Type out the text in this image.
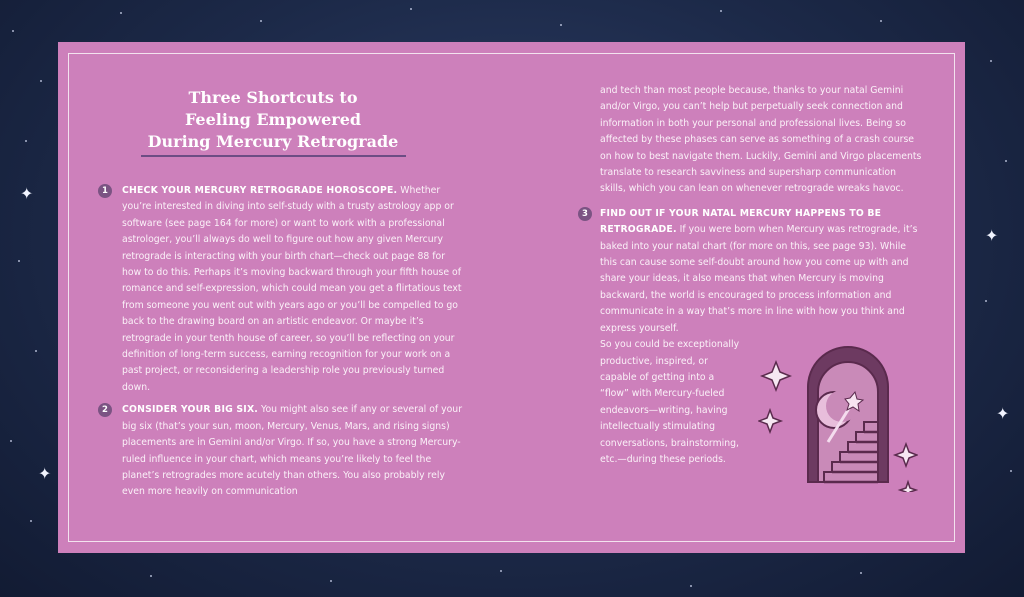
✦
✦
✦
✦
Three Shortcuts to
Feeling Empowered
During Mercury Retrograde
1	CHECK YOUR MERCURY RETROGRADE HOROSCOPE. Whether you’re interested in diving into self-study with a trusty astrology app or software (see page 164 for more) or want to work with a professional astrologer, you’ll always do well to figure out how any given Mercury retrograde is interacting with your birth chart—check out page 88 for how to do this. Perhaps it’s moving backward through your fifth house of romance and self-expression, which could mean you get a flirtatious text from someone you went out with years ago or you’ll be compelled to go back to the drawing board on an artistic endeavor. Or maybe it’s retrograde in your tenth house of career, so you’ll be reflecting on your definition of long-term success, earning recognition for your work on a past project, or reconsidering a leadership role you previously turned down.

2	CONSIDER YOUR BIG SIX. You might also see if any or several of your big six (that’s your sun, moon, Mercury, Venus, Mars, and rising signs) placements are in Gemini and/or Virgo. If so, you have a strong Mercury-ruled influence in your chart, which means you’re likely to feel the planet’s retrogrades more acutely than others. You also probably rely even more heavily on communication

and tech than most people because, thanks to your natal Gemini and/or Virgo, you can’t help but perpetually seek connection and information in both your personal and professional lives. Being so affected by these phases can serve as something of a crash course on how to best navigate them. Luckily, Gemini and Virgo placements translate to research savviness and supersharp communication skills, which you can lean on whenever retrograde wreaks havoc.

3	FIND OUT IF YOUR NATAL MERCURY HAPPENS TO BE RETROGRADE. If you were born when Mercury was retrograde, it’s baked into your natal chart (for more on this, see page 93). While this can cause some self-doubt around how you come up with and share your ideas, it also means that when Mercury is moving backward, the world is encouraged to process information and communicate in a way that’s more in line with how you think and express yourself.

So you could be exceptionally
productive, inspired, or
capable of getting into a
“flow” with Mercury-fueled
endeavors—writing, having
intellectually stimulating
conversations, brainstorming,
etc.—during these periods.
